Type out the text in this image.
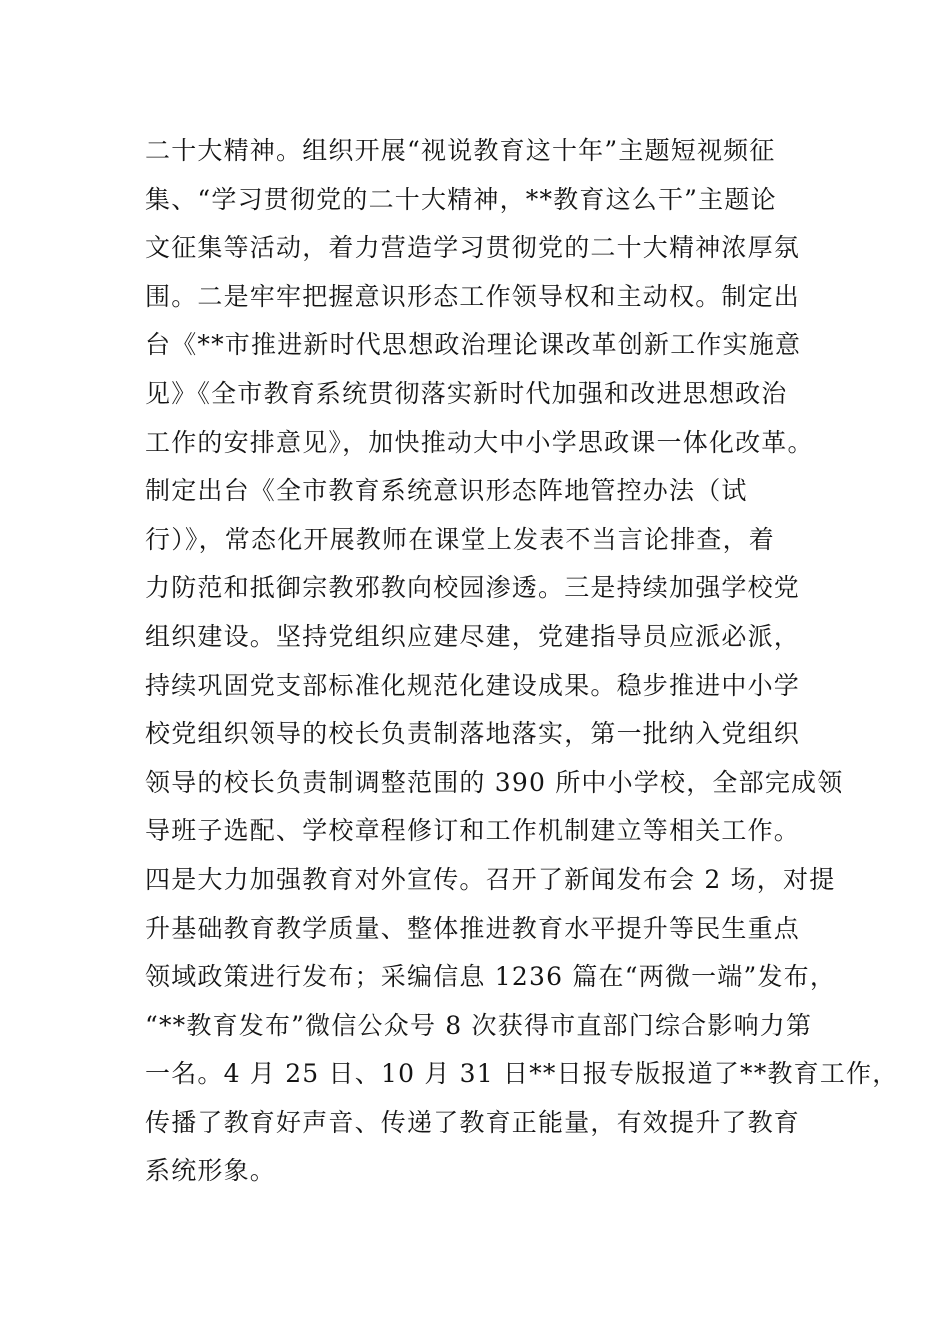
二十大精神。组织开展“视说教育这十年”主题短视频征
集、“学习贯彻党的二十大精神，**教育这么干”主题论
文征集等活动，着力营造学习贯彻党的二十大精神浓厚氛
围。二是牢牢把握意识形态工作领导权和主动权。制定出
台《**市推进新时代思想政治理论课改革创新工作实施意
见》《全市教育系统贯彻落实新时代加强和改进思想政治
工作的安排意见》，加快推动大中小学思政课一体化改革。
制定出台《全市教育系统意识形态阵地管控办法（试
行）》，常态化开展教师在课堂上发表不当言论排查，着
力防范和抵御宗教邪教向校园渗透。三是持续加强学校党
组织建设。坚持党组织应建尽建，党建指导员应派必派，
持续巩固党支部标准化规范化建设成果。稳步推进中小学
校党组织领导的校长负责制落地落实，第一批纳入党组织
领导的校长负责制调整范围的 390 所中小学校，全部完成领
导班子选配、学校章程修订和工作机制建立等相关工作。
四是大力加强教育对外宣传。召开了新闻发布会 2 场，对提
升基础教育教学质量、整体推进教育水平提升等民生重点
领域政策进行发布；采编信息 1236 篇在“两微一端”发布，
“**教育发布”微信公众号 8 次获得市直部门综合影响力第
一名。4 月 25 日、10 月 31 日**日报专版报道了**教育工作，
传播了教育好声音、传递了教育正能量，有效提升了教育
系统形象。
